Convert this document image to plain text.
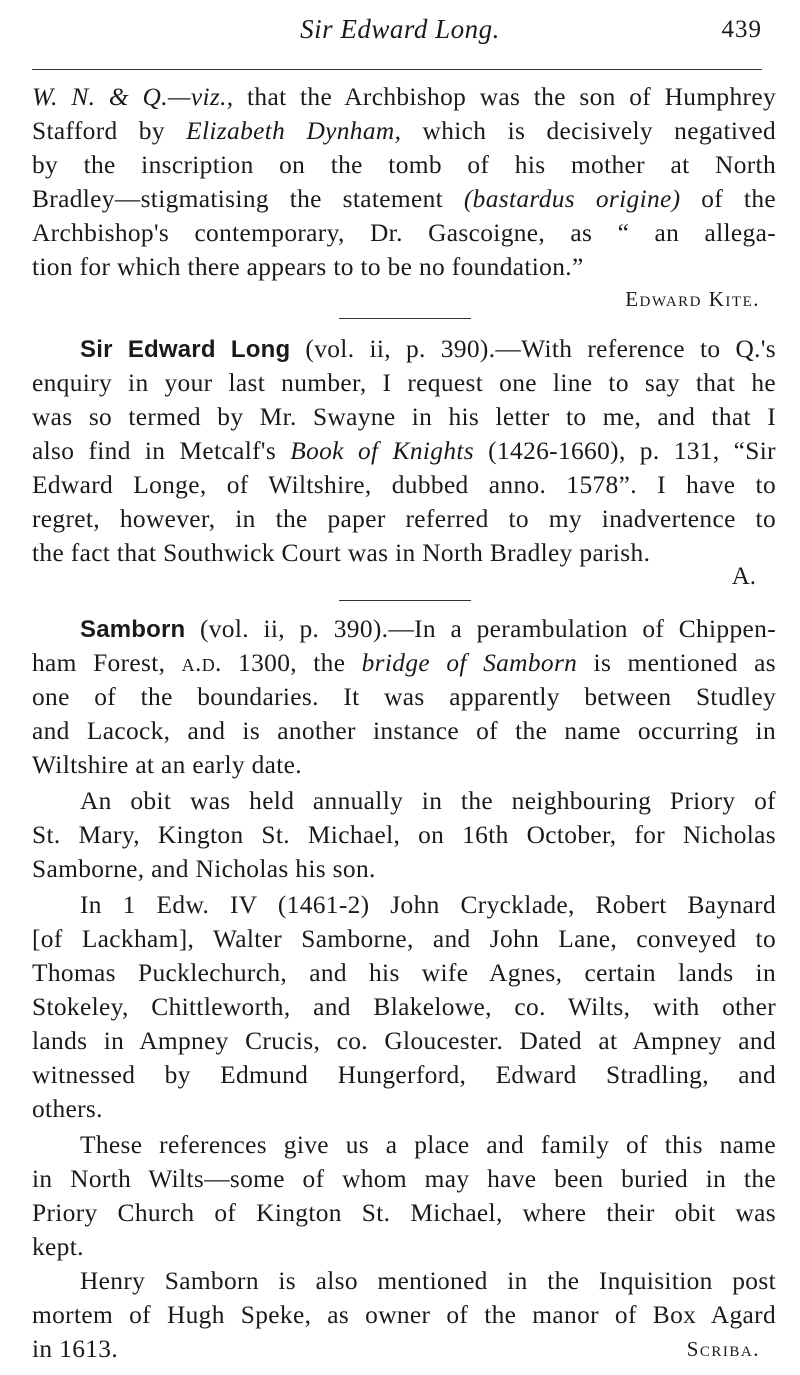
Sir Edward Long.	439
W. N. & Q.—viz., that the Archbishop was the son of Humphrey
Stafford by Elizabeth Dynham, which is decisively negatived
by the inscription on the tomb of his mother at North
Bradley—stigmatising the statement (bastardus origine) of the
Archbishop's contemporary, Dr. Gascoigne, as “ an allega-
tion for which there appears to to be no foundation.”
Edward Kite.
Sir Edward Long (vol. ii, p. 390).—With reference to Q.'s
enquiry in your last number, I request one line to say that he
was so termed by Mr. Swayne in his letter to me, and that I
also find in Metcalf's Book of Knights (1426-1660), p. 131, “Sir
Edward Longe, of Wiltshire, dubbed anno. 1578”. I have to
regret, however, in the paper referred to my inadvertence to
the fact that Southwick Court was in North Bradley parish.
A.
Samborn (vol. ii, p. 390).—In a perambulation of Chippen-
ham Forest, a.d. 1300, the bridge of Samborn is mentioned as
one of the boundaries. It was apparently between Studley
and Lacock, and is another instance of the name occurring in
Wiltshire at an early date.
An obit was held annually in the neighbouring Priory of
St. Mary, Kington St. Michael, on 16th October, for Nicholas
Samborne, and Nicholas his son.
In 1 Edw. IV (1461-2) John Crycklade, Robert Baynard
[of Lackham], Walter Samborne, and John Lane, conveyed to
Thomas Pucklechurch, and his wife Agnes, certain lands in
Stokeley, Chittleworth, and Blakelowe, co. Wilts, with other
lands in Ampney Crucis, co. Gloucester. Dated at Ampney and
witnessed by Edmund Hungerford, Edward Stradling, and
others.
These references give us a place and family of this name
in North Wilts—some of whom may have been buried in the
Priory Church of Kington St. Michael, where their obit was
kept.
Henry Samborn is also mentioned in the Inquisition post
mortem of Hugh Speke, as owner of the manor of Box Agard
in 1613.	Scriba.
